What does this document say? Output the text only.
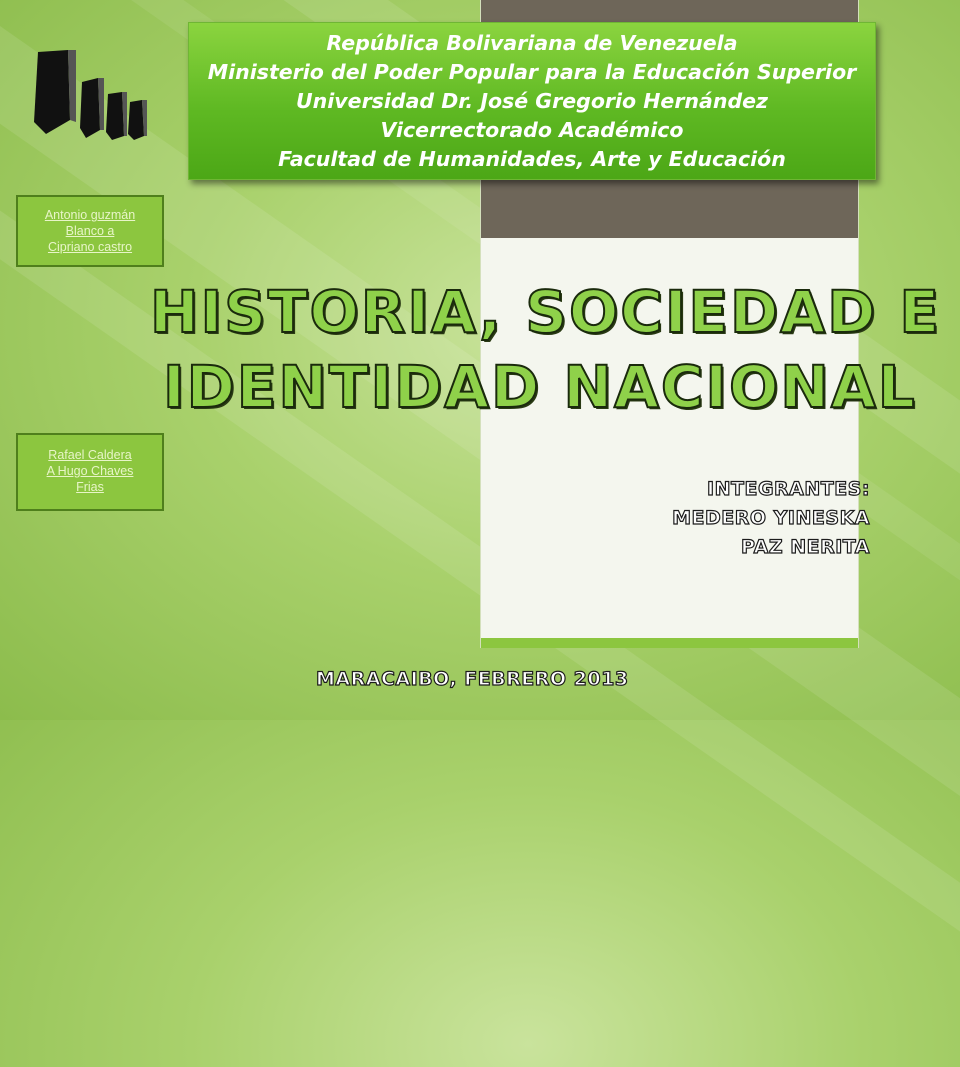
República Bolivariana de Venezuela
Ministerio del Poder Popular para la Educación Superior
Universidad Dr. José Gregorio Hernández
Vicerrectorado Académico
Facultad de Humanidades, Arte y Educación
Antonio guzmán
Blanco a
Cipriano castro
Rafael Caldera
A Hugo Chaves
Frias
HISTORIA, SOCIEDAD E
IDENTIDAD NACIONAL
INTEGRANTES:
MEDERO YINESKA
PAZ NERITA
MARACAIBO, FEBRERO 2013
